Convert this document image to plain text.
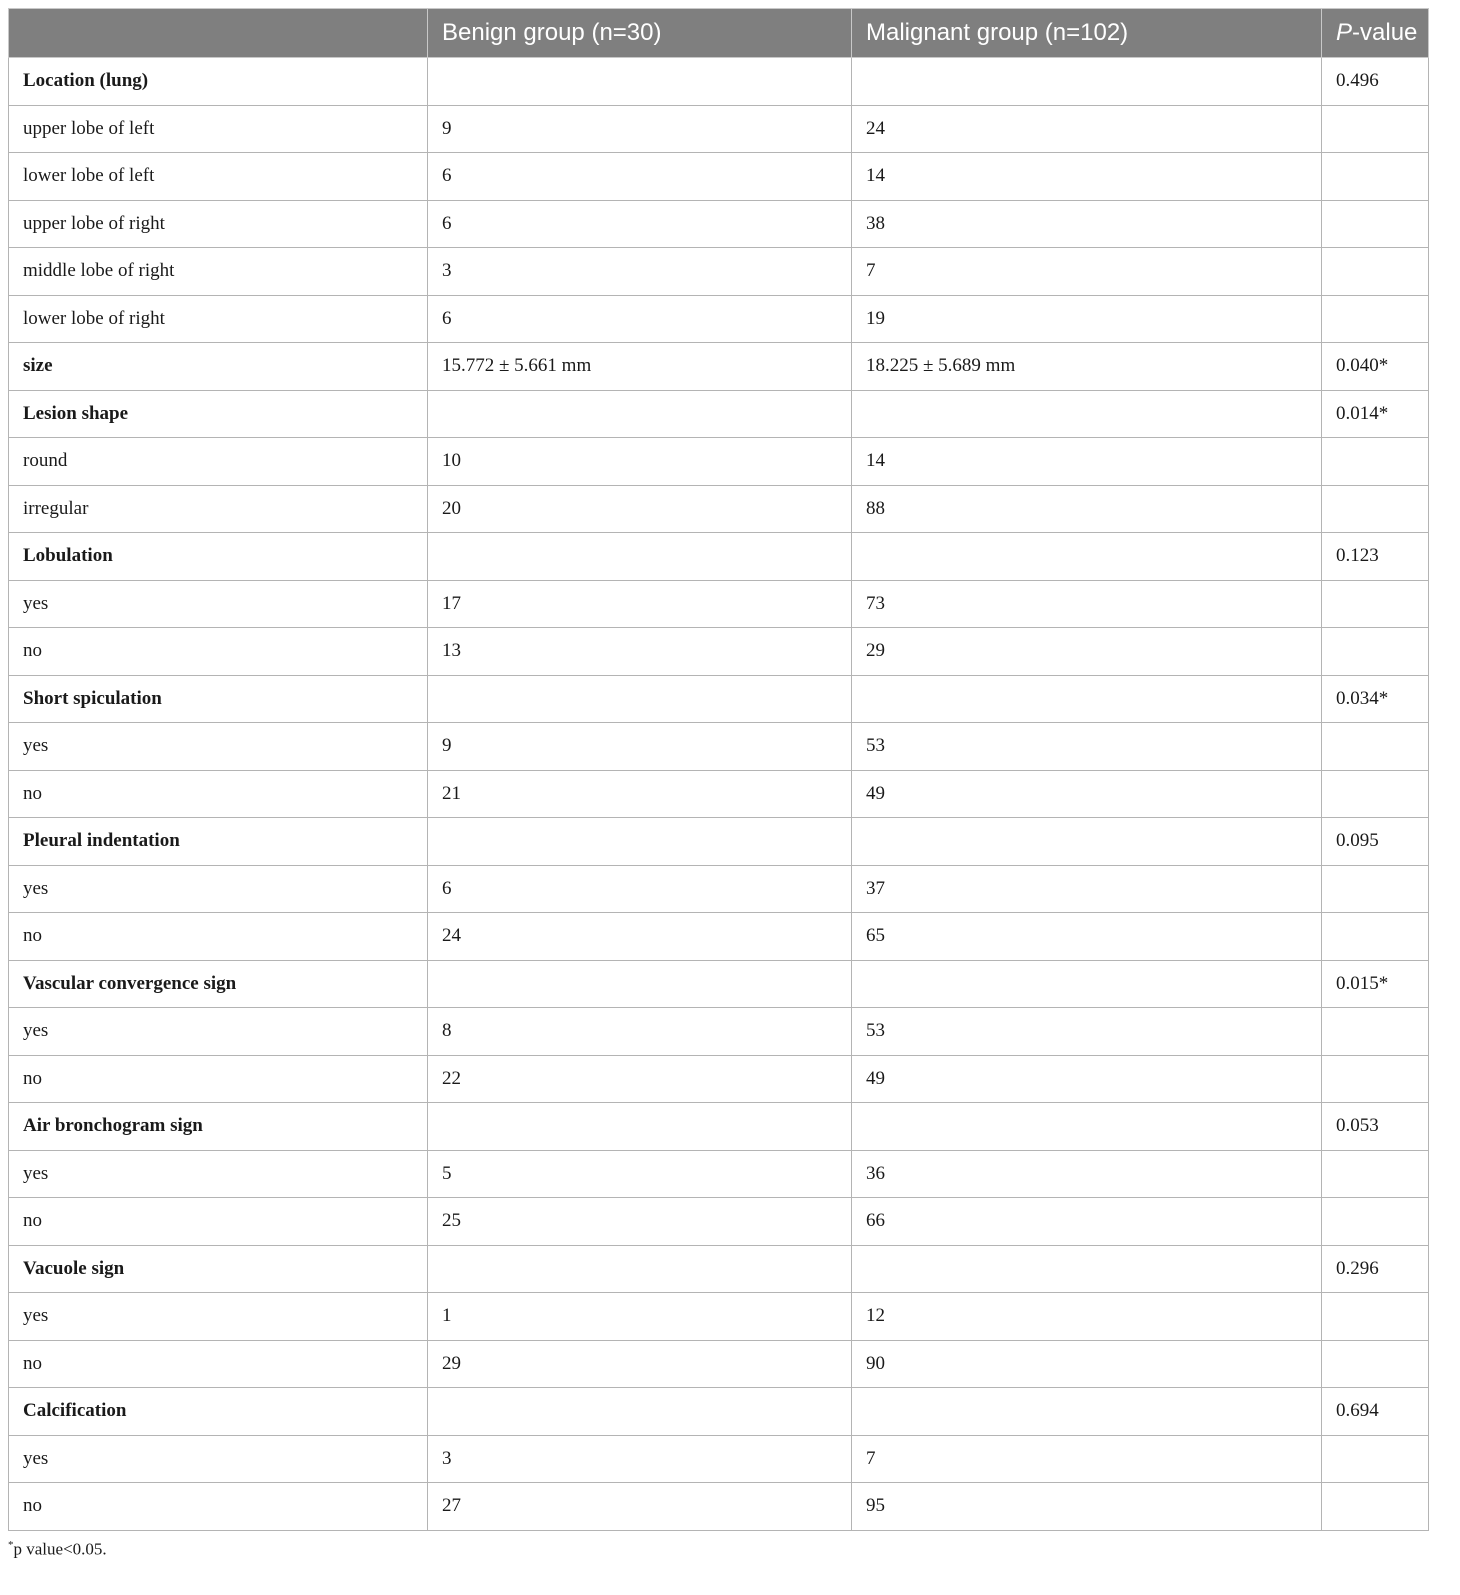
	Benign group (n=30)	Malignant group (n=102)	P-value
Location (lung)			0.496
upper lobe of left	9	24	
lower lobe of left	6	14	
upper lobe of right	6	38	
middle lobe of right	3	7	
lower lobe of right	6	19	
size	15.772 ± 5.661 mm	18.225 ± 5.689 mm	0.040*
Lesion shape			0.014*
round	10	14	
irregular	20	88	
Lobulation			0.123
yes	17	73	
no	13	29	
Short spiculation			0.034*
yes	9	53	
no	21	49	
Pleural indentation			0.095
yes	6	37	
no	24	65	
Vascular convergence sign			0.015*
yes	8	53	
no	22	49	
Air bronchogram sign			0.053
yes	5	36	
no	25	66	
Vacuole sign			0.296
yes	1	12	
no	29	90	
Calcification			0.694
yes	3	7	
no	27	95	
*p value<0.05.
